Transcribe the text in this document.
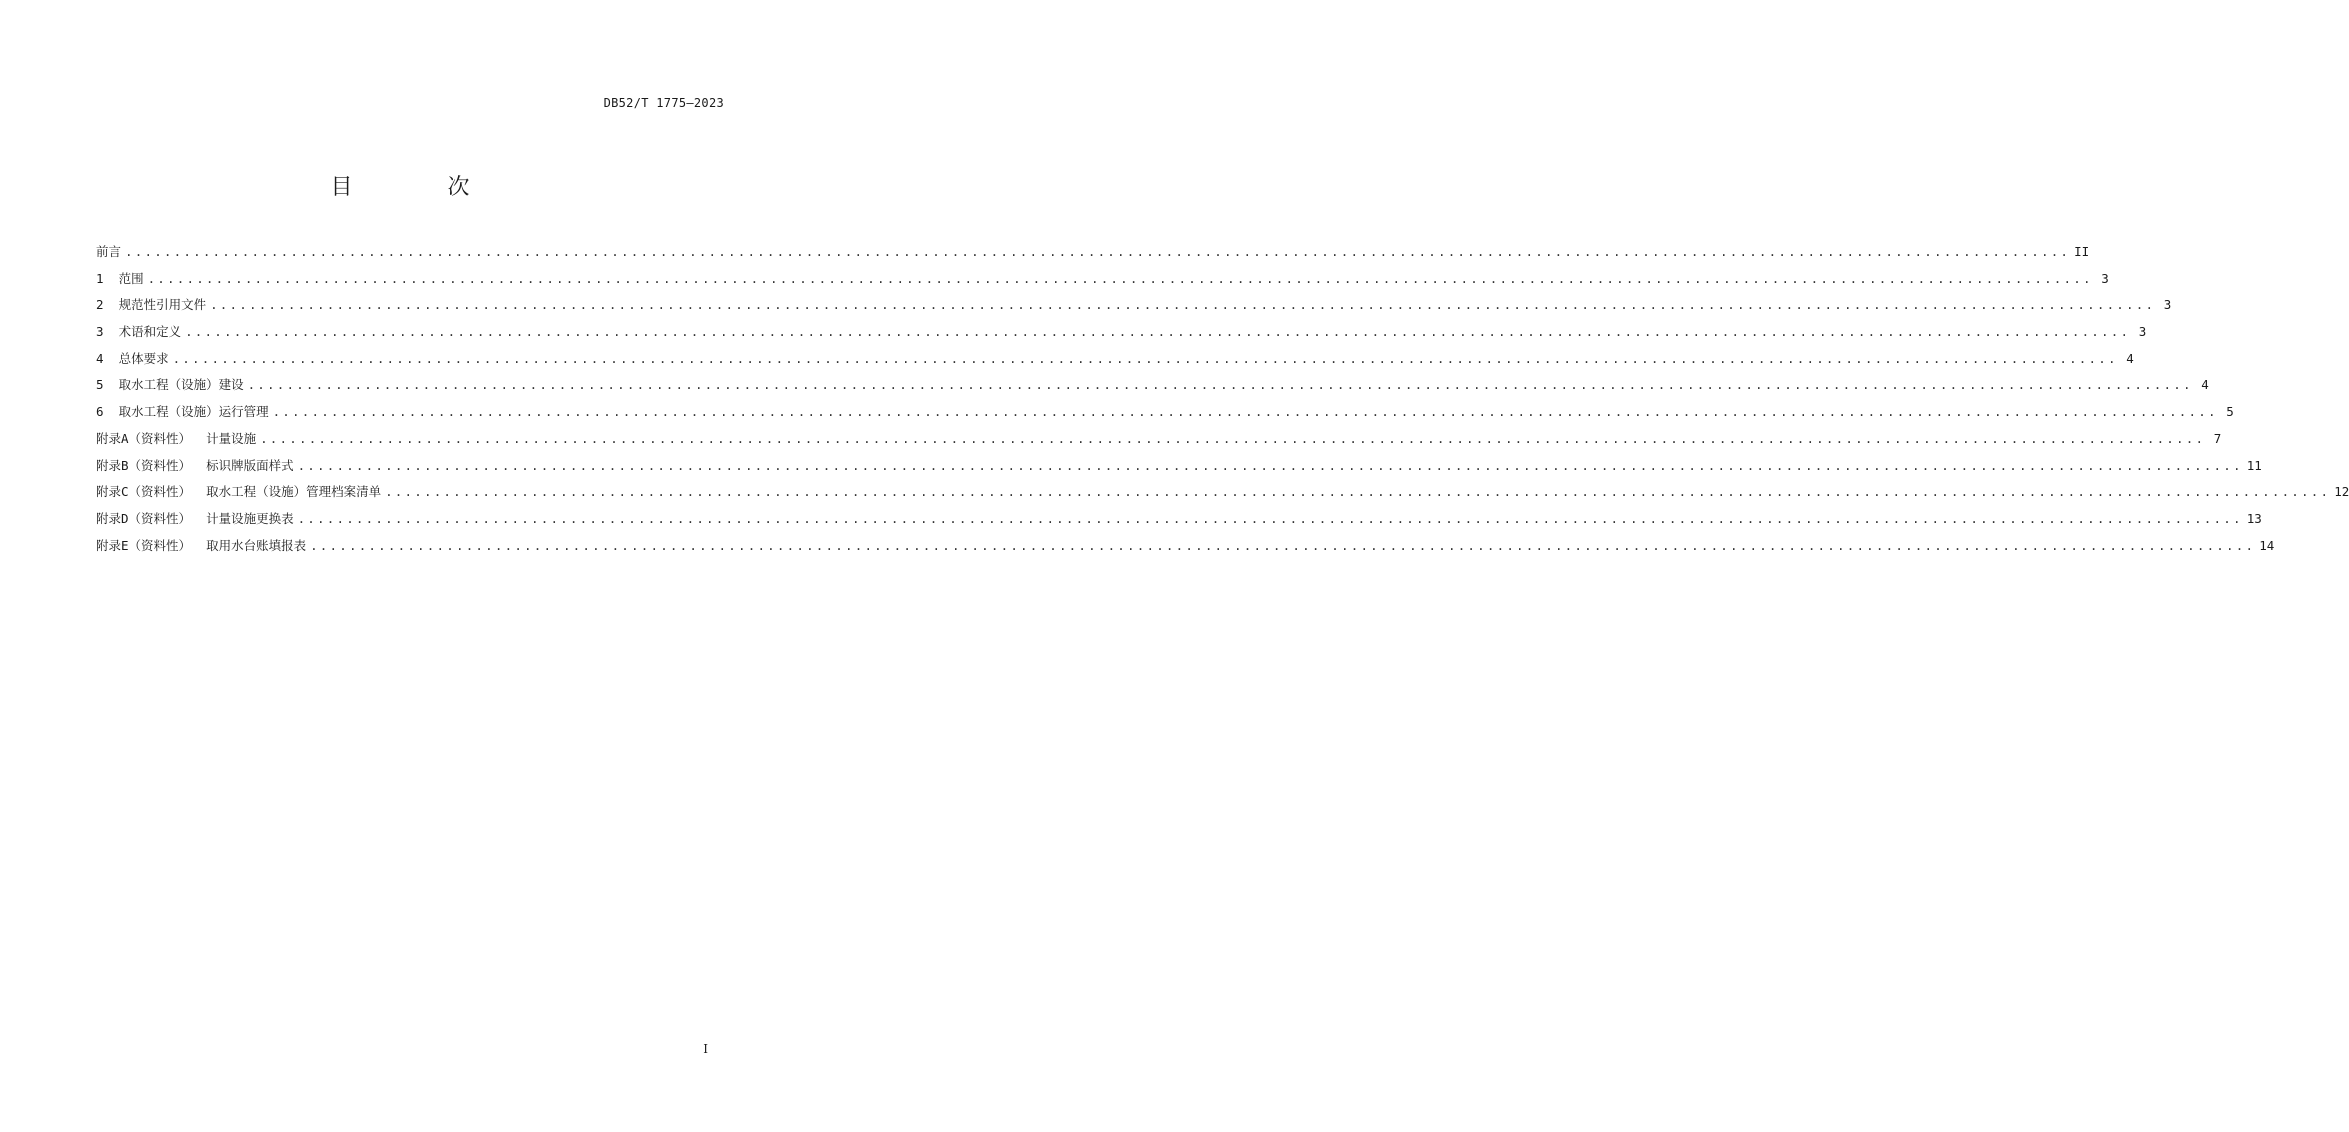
DB52/T 1775—2023
目 次
前言 ........................................................................................................................................................................................................ II
1  范围 ........................................................................................................................................................................................................ 3
2  规范性引用文件 ........................................................................................................................................................................................................ 3
3  术语和定义 ........................................................................................................................................................................................................ 3
4  总体要求 ........................................................................................................................................................................................................ 4
5  取水工程（设施）建设 ........................................................................................................................................................................................................ 4
6  取水工程（设施）运行管理 ........................................................................................................................................................................................................ 5
附录A（资料性）  计量设施 ........................................................................................................................................................................................................ 7
附录B（资料性）  标识牌版面样式 ........................................................................................................................................................................................................ 11
附录C（资料性）  取水工程（设施）管理档案清单 ........................................................................................................................................................................................................ 12
附录D（资料性）  计量设施更换表 ........................................................................................................................................................................................................ 13
附录E（资料性）  取用水台账填报表 ........................................................................................................................................................................................................ 14
I
